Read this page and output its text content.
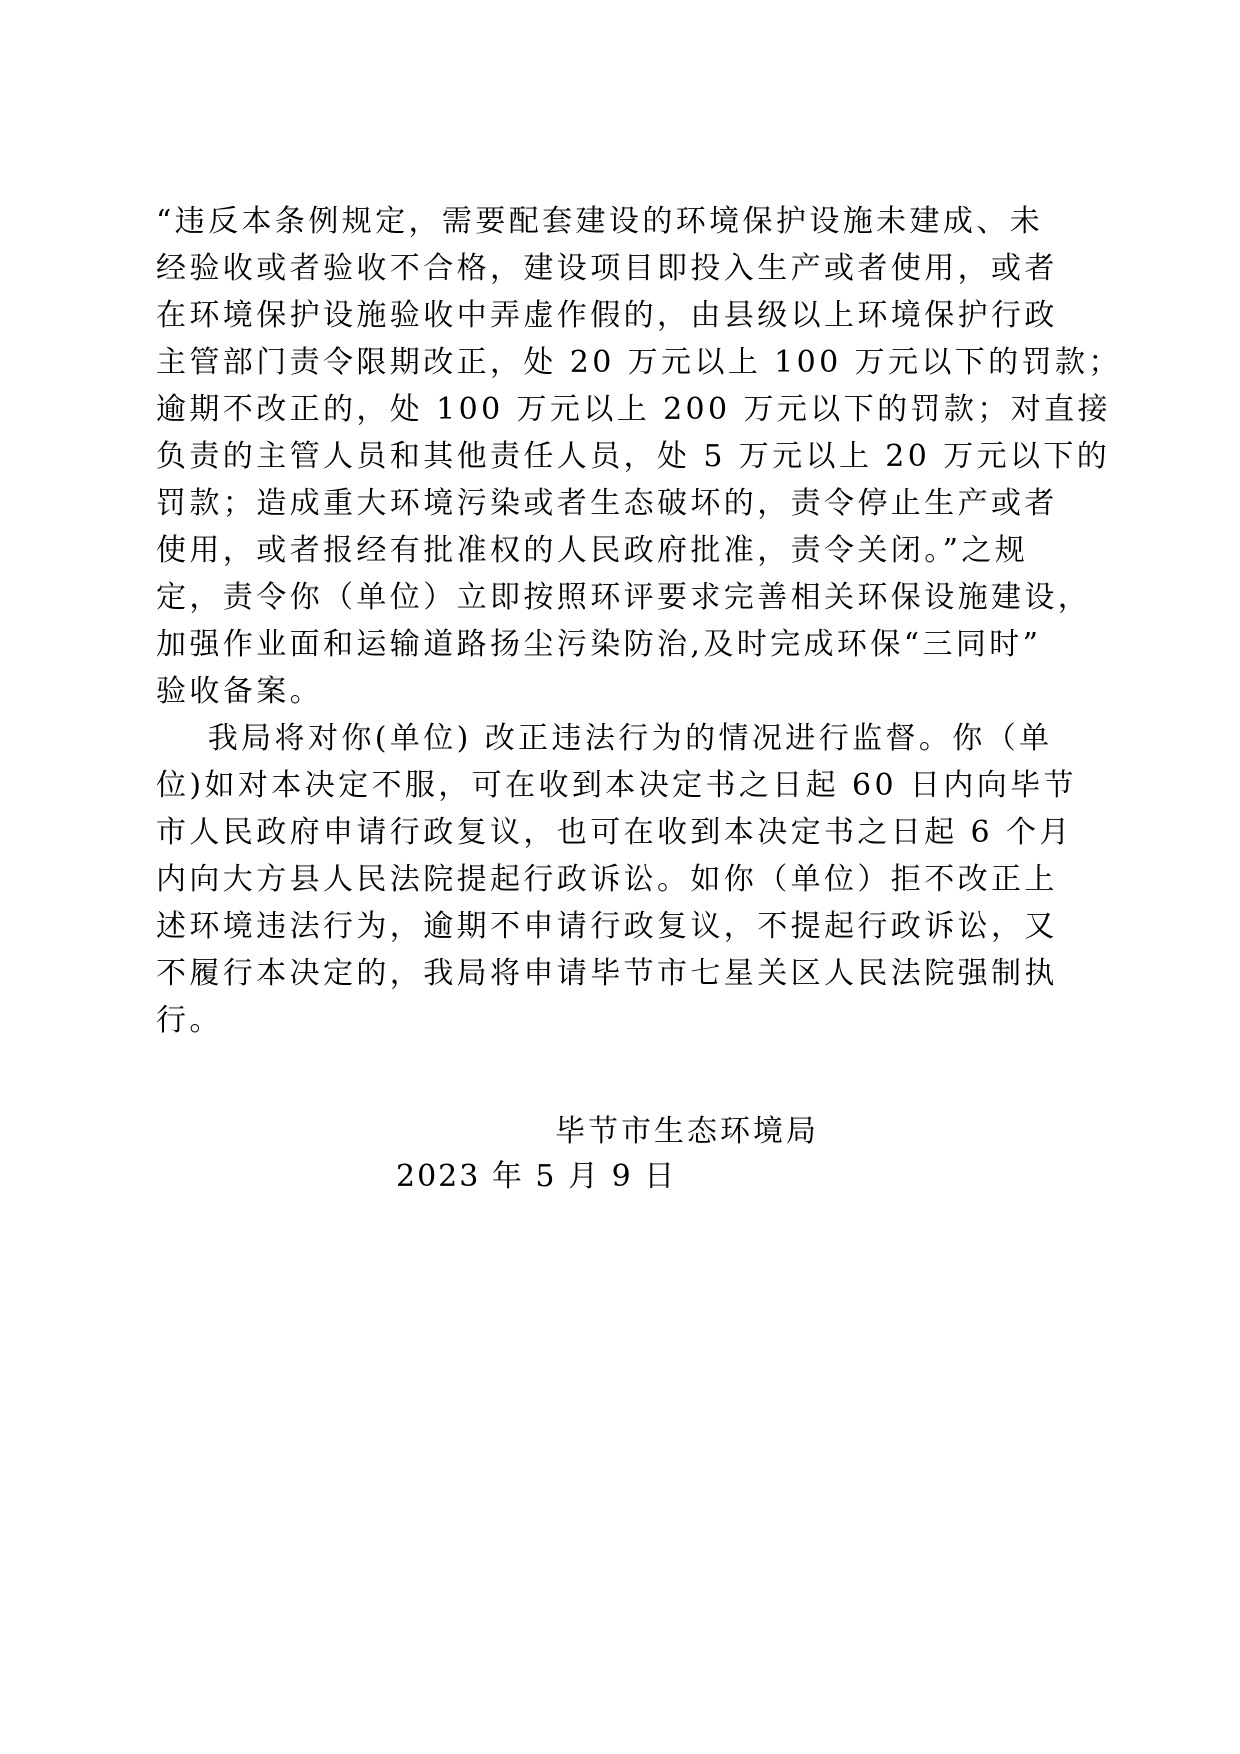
“违反本条例规定，需要配套建设的环境保护设施未建成、未
经验收或者验收不合格，建设项目即投入生产或者使用，或者
在环境保护设施验收中弄虚作假的，由县级以上环境保护行政
主管部门责令限期改正，处 20 万元以上 100 万元以下的罚款；
逾期不改正的，处 100 万元以上 200 万元以下的罚款；对直接
负责的主管人员和其他责任人员，处 5 万元以上 20 万元以下的
罚款；造成重大环境污染或者生态破坏的，责令停止生产或者
使用，或者报经有批准权的人民政府批准，责令关闭。”之规
定，责令你（单位）立即按照环评要求完善相关环保设施建设，
加强作业面和运输道路扬尘污染防治,及时完成环保“三同时”
验收备案。
我局将对你(单位) 改正违法行为的情况进行监督。你（单
位)如对本决定不服，可在收到本决定书之日起 60 日内向毕节
市人民政府申请行政复议，也可在收到本决定书之日起 6 个月
内向大方县人民法院提起行政诉讼。如你（单位）拒不改正上
述环境违法行为，逾期不申请行政复议，不提起行政诉讼，又
不履行本决定的，我局将申请毕节市七星关区人民法院强制执
行。
毕节市生态环境局
2023 年 5 月 9 日
